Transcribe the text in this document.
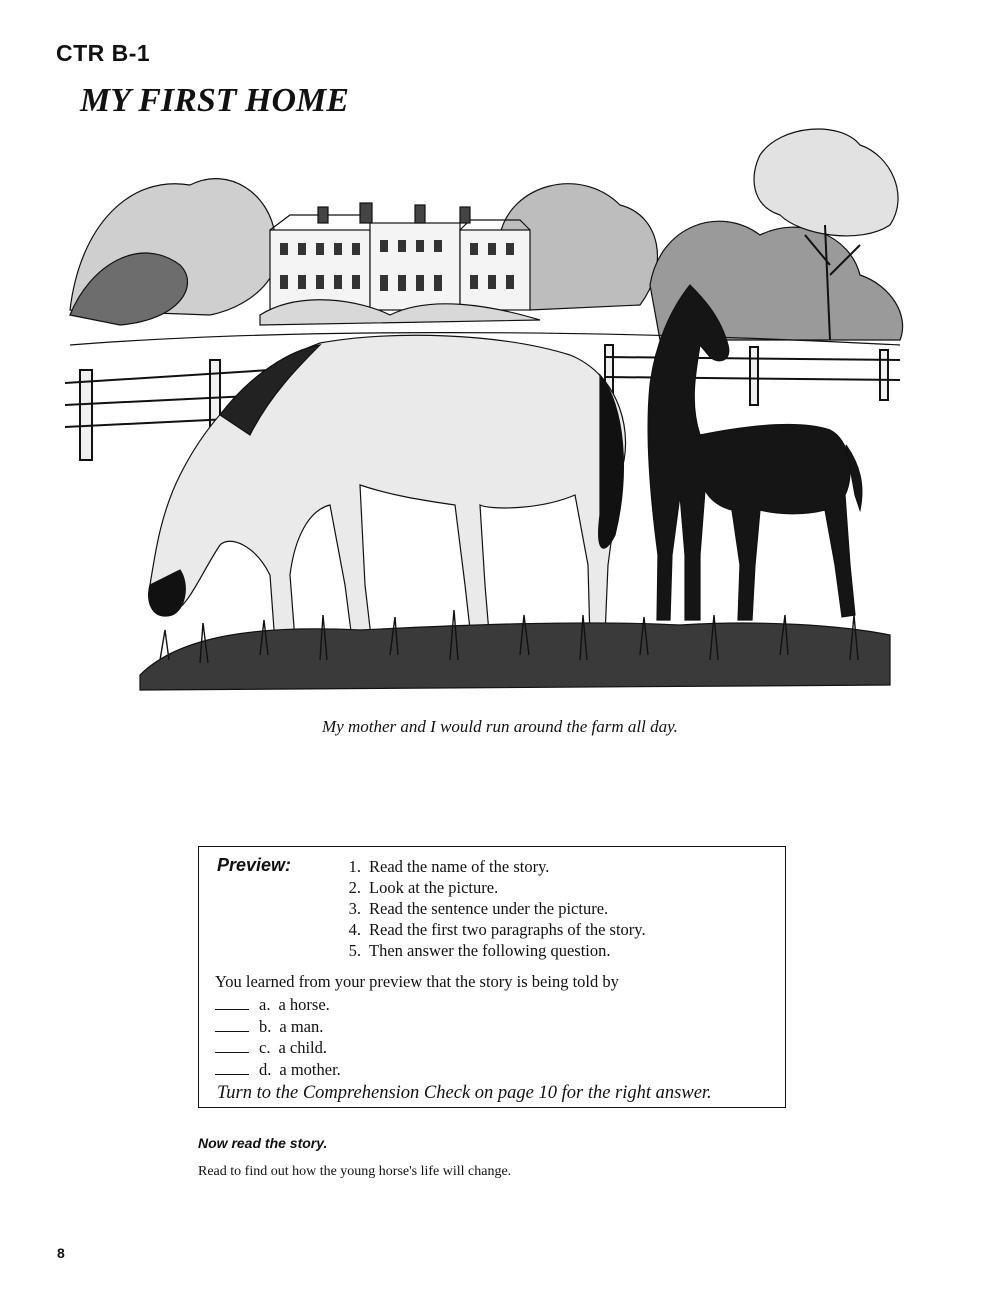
CTR B-1
MY FIRST HOME
My mother and I would run around the farm all day.
Preview:	1. Read the name of the story.
2. Look at the picture.
3. Read the sentence under the picture.
4. Read the first two paragraphs of the story.
5. Then answer the following question.
You learned from your preview that the story is being told by
a. a horse.
b. a man.
c. a child.
d. a mother.
Turn to the Comprehension Check on page 10 for the right answer.
Now read the story.
Read to find out how the young horse's life will change.
8
